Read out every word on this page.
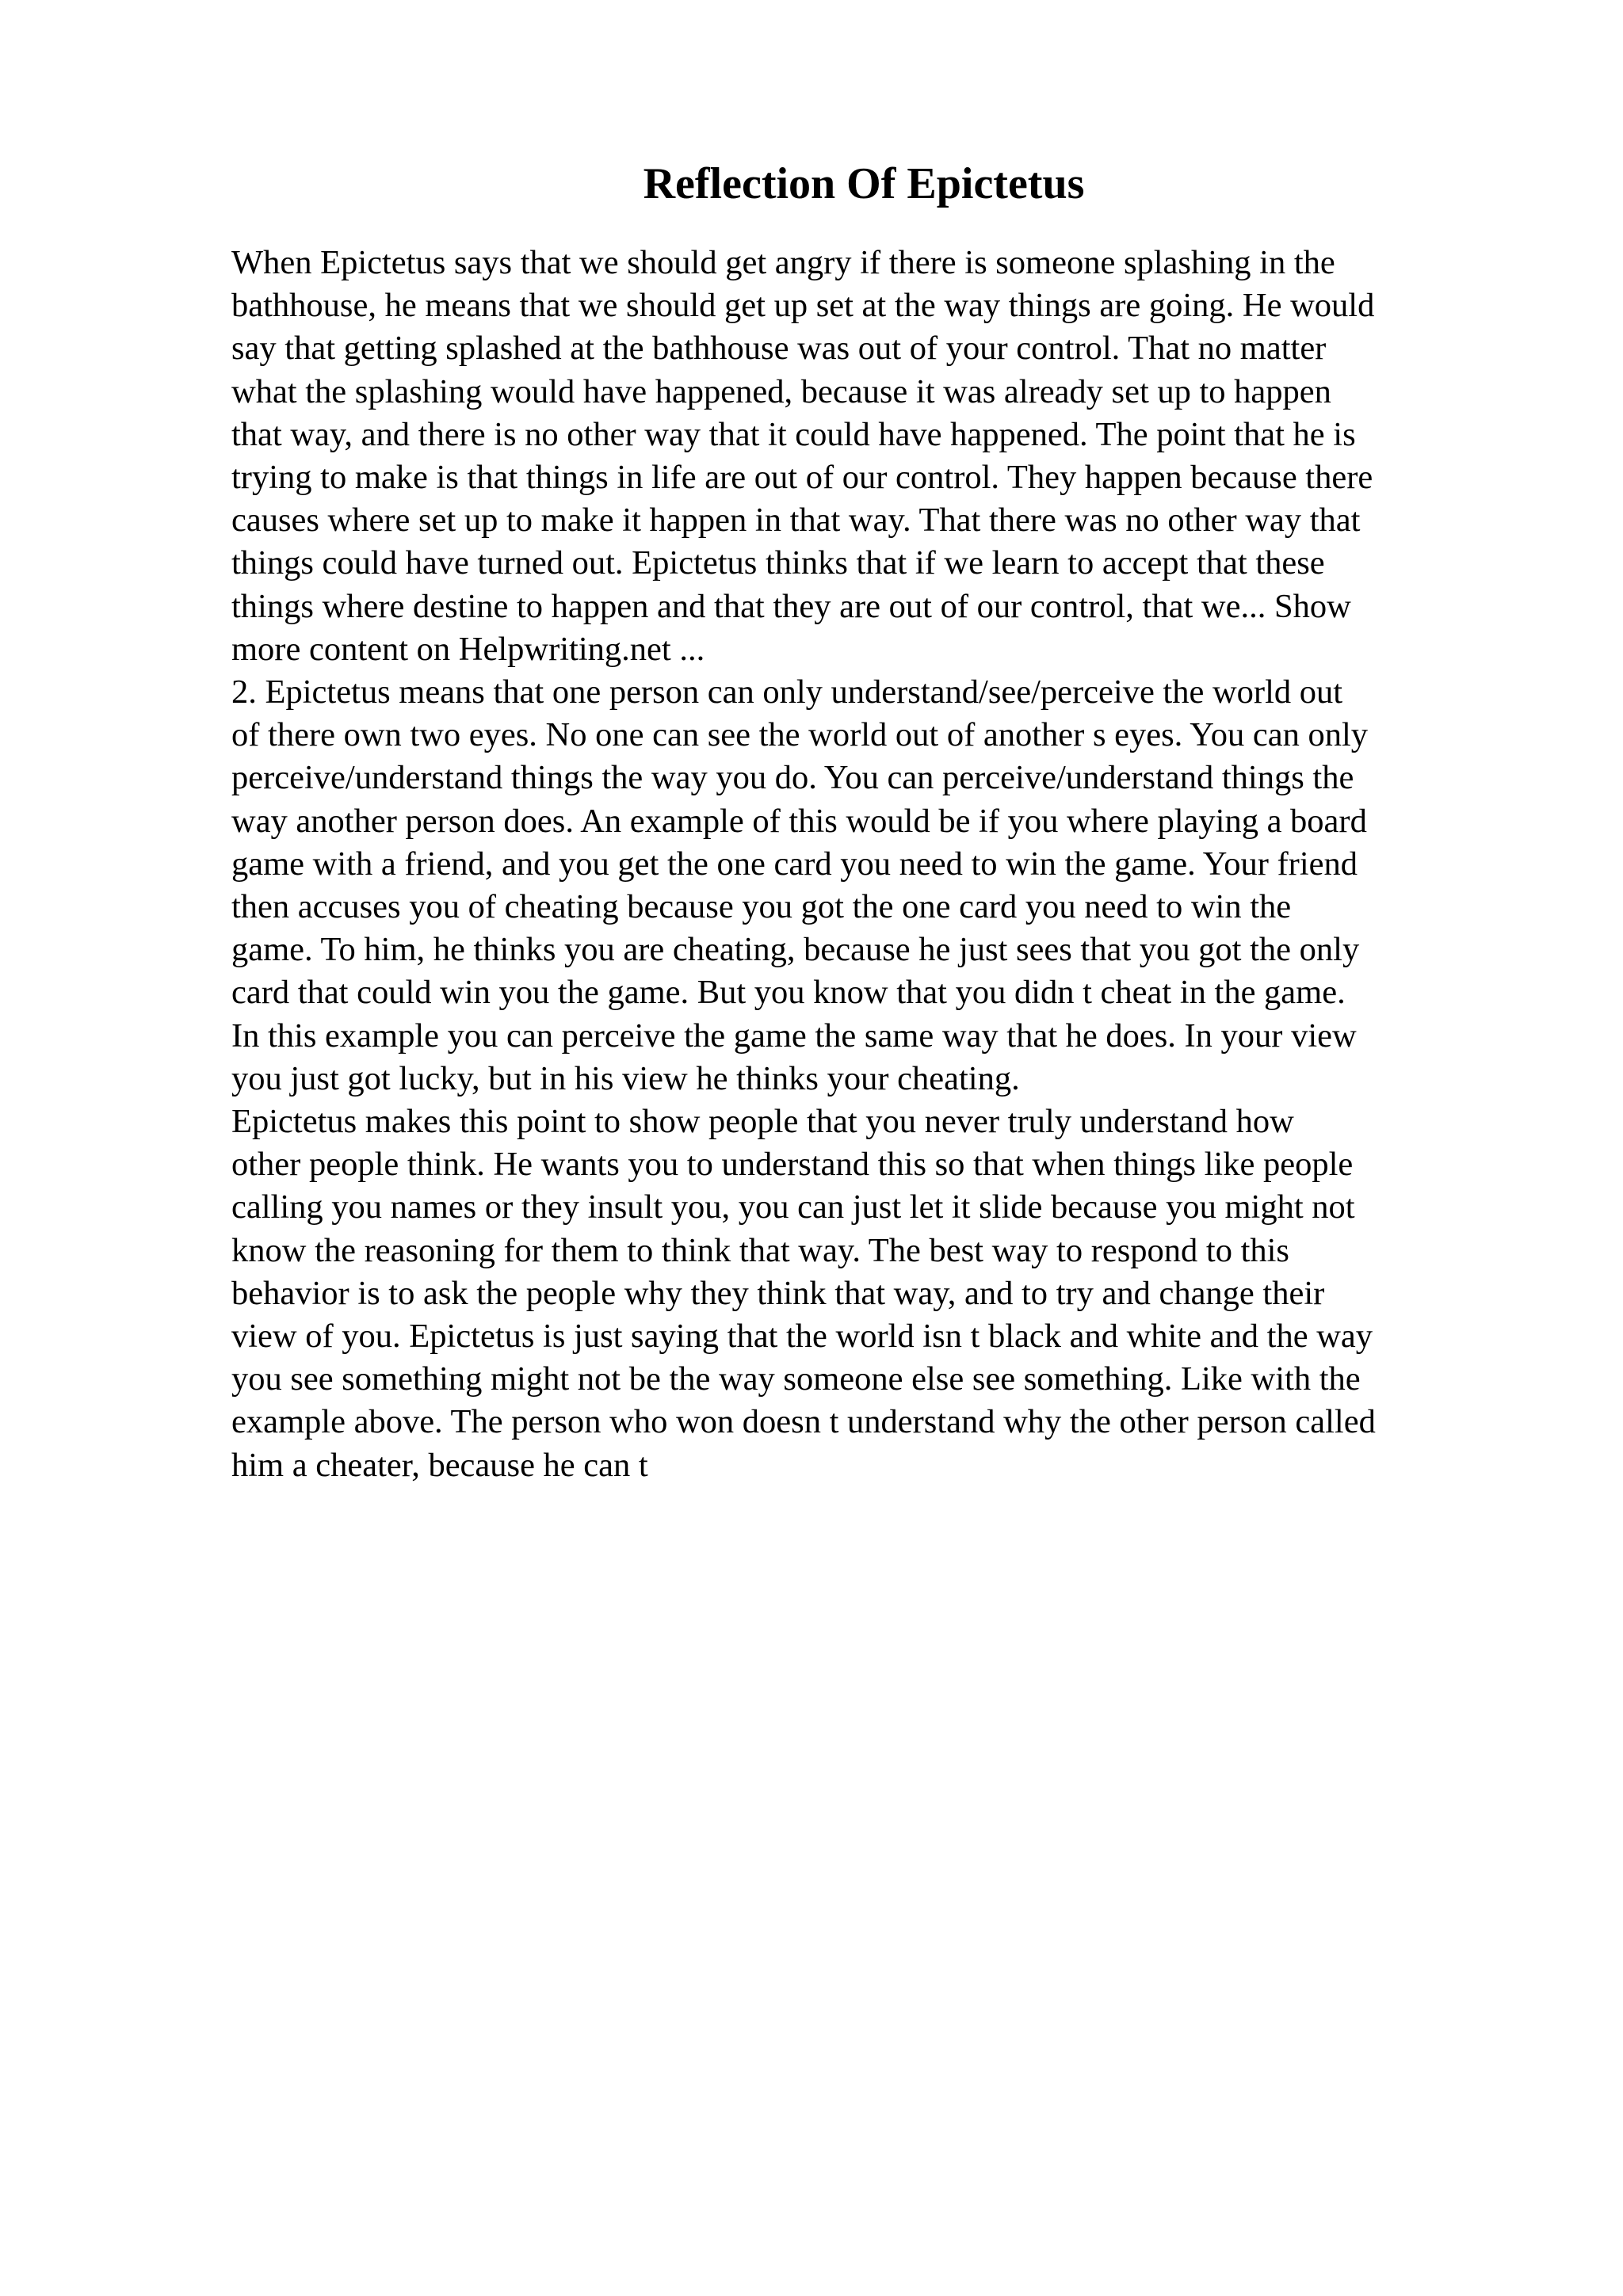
Reflection Of Epictetus
When Epictetus says that we should get angry if there is someone splashing in the
bathhouse, he means that we should get up set at the way things are going. He would
say that getting splashed at the bathhouse was out of your control. That no matter
what the splashing would have happened, because it was already set up to happen
that way, and there is no other way that it could have happened. The point that he is
trying to make is that things in life are out of our control. They happen because there
causes where set up to make it happen in that way. That there was no other way that
things could have turned out. Epictetus thinks that if we learn to accept that these
things where destine to happen and that they are out of our control, that we... Show
more content on Helpwriting.net ...
2. Epictetus means that one person can only understand/see/perceive the world out
of there own two eyes. No one can see the world out of another s eyes. You can only
perceive/understand things the way you do. You can perceive/understand things the
way another person does. An example of this would be if you where playing a board
game with a friend, and you get the one card you need to win the game. Your friend
then accuses you of cheating because you got the one card you need to win the
game. To him, he thinks you are cheating, because he just sees that you got the only
card that could win you the game. But you know that you didn t cheat in the game.
In this example you can perceive the game the same way that he does. In your view
you just got lucky, but in his view he thinks your cheating.
Epictetus makes this point to show people that you never truly understand how
other people think. He wants you to understand this so that when things like people
calling you names or they insult you, you can just let it slide because you might not
know the reasoning for them to think that way. The best way to respond to this
behavior is to ask the people why they think that way, and to try and change their
view of you. Epictetus is just saying that the world isn t black and white and the way
you see something might not be the way someone else see something. Like with the
example above. The person who won doesn t understand why the other person called
him a cheater, because he can t
